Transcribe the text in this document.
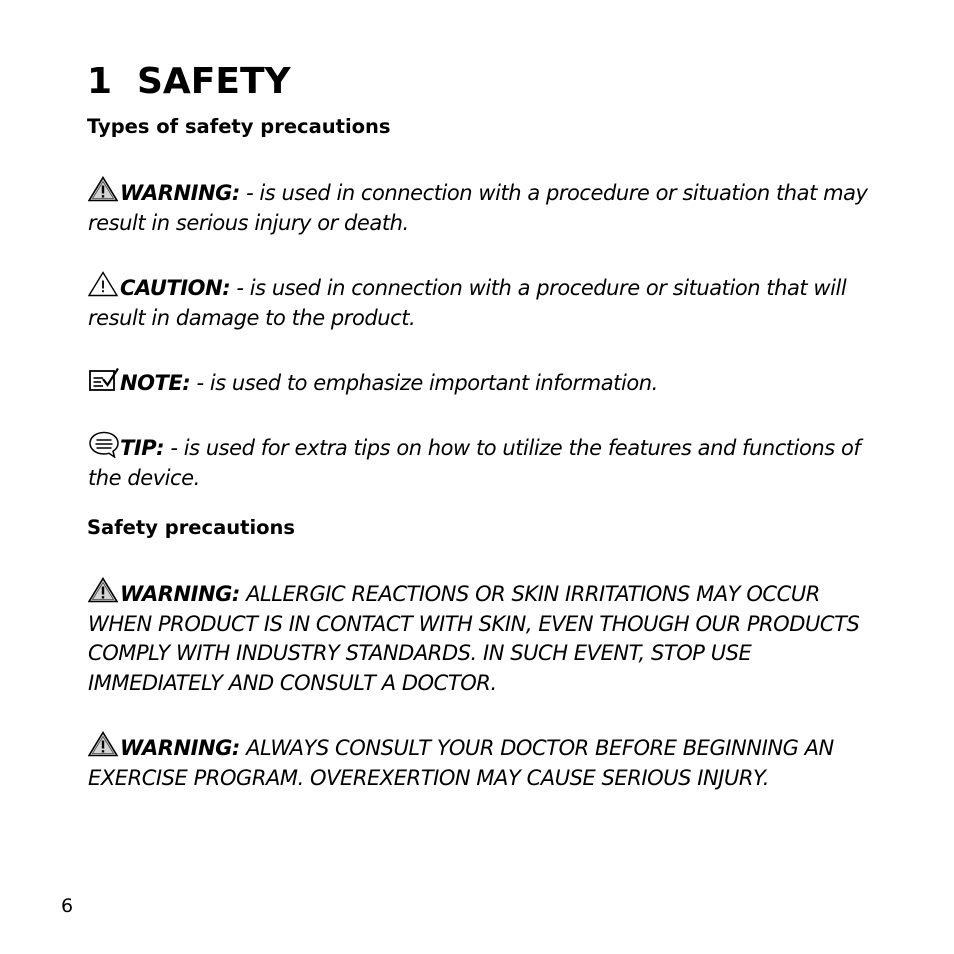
1 SAFETY
Types of safety precautions

WARNING: - is used in connection with a procedure or situation that may result in serious injury or death.

CAUTION: - is used in connection with a procedure or situation that will result in damage to the product.

NOTE: - is used to emphasize important information.

TIP: - is used for extra tips on how to utilize the features and functions of the device.

Safety precautions

WARNING: ALLERGIC REACTIONS OR SKIN IRRITATIONS MAY OCCUR WHEN PRODUCT IS IN CONTACT WITH SKIN, EVEN THOUGH OUR PRODUCTS COMPLY WITH INDUSTRY STANDARDS. IN SUCH EVENT, STOP USE IMMEDIATELY AND CONSULT A DOCTOR.

WARNING: ALWAYS CONSULT YOUR DOCTOR BEFORE BEGINNING AN EXERCISE PROGRAM. OVEREXERTION MAY CAUSE SERIOUS INJURY.

6
